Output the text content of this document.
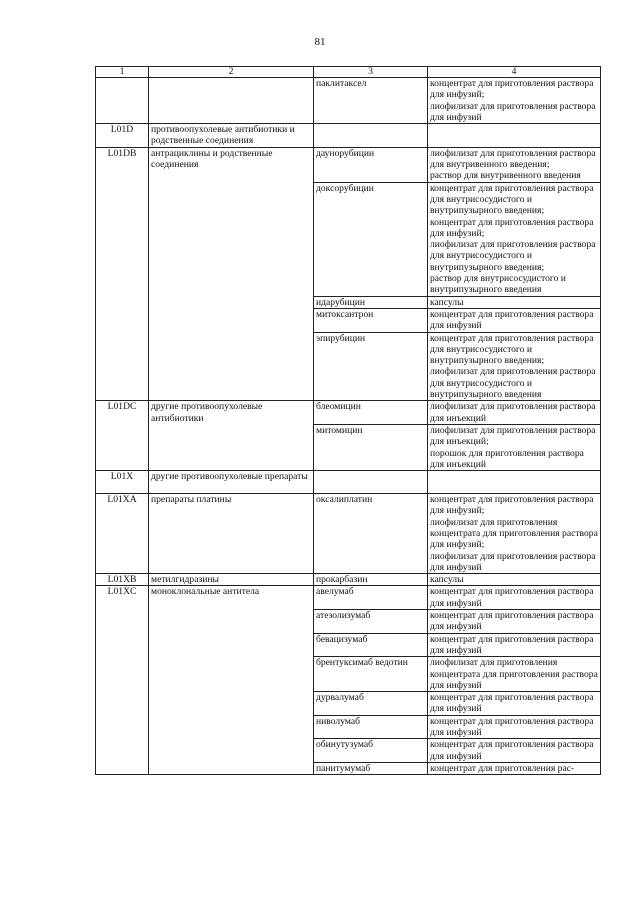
81
1	2	3	4
		паклитаксел	концентрат для приготовления раствора для инфузий;
лиофилизат для приготовления раствора для инфузий

L01D	противоопухолевые антибиотики и родственные соединения		
L01DB	антрациклины и родственные соединения	даунорубицин	лиофилизат для приготовления раствора для внутривенного введения;
раствор для внутривенного введения

		доксорубицин	концентрат для приготовления раствора для внутрисосудистого и внутрипузырного введения;
концентрат для приготовления раствора для инфузий;
лиофилизат для приготовления раствора для внутрисосудистого и внутрипузырного введения;
раствор для внутрисосудистого и внутрипузырного введения

		идарубицин	капсулы

		митоксантрон	концентрат для приготовления раствора для инфузий

		эпирубицин	концентрат для приготовления раствора для внутрисосудистого и внутрипузырного введения;
лиофилизат для приготовления раствора для внутрисосудистого и внутрипузырного введения

L01DC	другие противоопухолевые антибиотики	блеомицин	лиофилизат для приготовления раствора для инъекций

		митомицин	лиофилизат для приготовления раствора для инъекций;
порошок для приготовления раствора для инъекций

L01X	другие противоопухолевые препараты		
L01XA	препараты платины	оксалиплатин	концентрат для приготовления раствора для инфузий;
лиофилизат для приготовления концентрата для приготовления раствора для инфузий;
лиофилизат для приготовления раствора для инфузий

L01XB	метилгидразины	прокарбазин	капсулы

L01XC	моноклональные антитела	авелумаб	концентрат для приготовления раствора для инфузий

		атезолизумаб	концентрат для приготовления раствора для инфузий

		бевацизумаб	концентрат для приготовления раствора для инфузий

		брентуксимаб ведотин	лиофилизат для приготовления концентрата для приготовления раствора для инфузий

		дурвалумаб	концентрат для приготовления раствора для инфузий

		ниволумаб	концентрат для приготовления раствора для инфузий

		обинутузумаб	концентрат для приготовления раствора для инфузий

		панитумумаб	концентрат для приготовления рас-
